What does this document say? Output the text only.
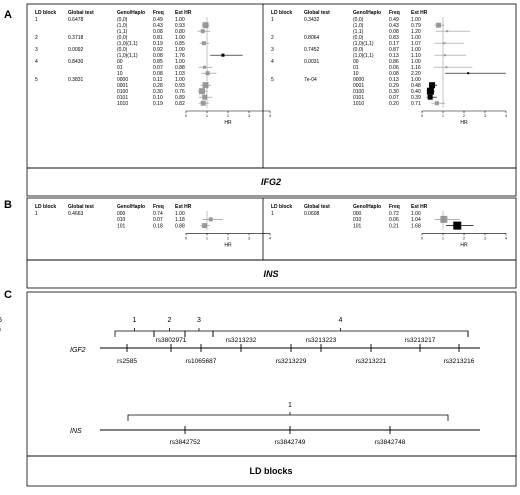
A
B
C
IFG2
INS
LD blocks
LD block Global test	Geno/Haplo Freq Est HR
1	0.6478	(0,0)	0.49 1.00
(1,0)	0.43 0.93
(1,1)	0.08 0.80
2	0.3718	(0,0)	0.81 1.00
(1,0)(1,1)	0.19 0.85
3	0.0092	(0,0)	0.92 1.00
(1,0)(1,1)	0.08 1.76
4	0.8430	00	0.85 1.00
01	0.07 0.88
10	0.08 1.03
5	0.3831	0000	0.11	1.00
0001	0.28 0.93
0100	0.30 0.76
0101	0.10 0.89
1010	0.19 0.82
0	1	2	3	4
HR
LD block Global test	Geno/Haplo Freq Est HR
1	0.3432	(0,0)	0.49 1.00
(1,0)	0.43 0.79
(1,1)	0.08 1.20
2	0.8064	(0,0)	0.83 1.00
(1,0)(1,1)	0.17 1.07
3	0.7452	(0,0)	0.87 1.00
(1,0)(1,1)	0.13 1.10
4	0.0031	00	0.86 1.00
01	0.06 1.16
10	0.08 2.20
5	7e-04	0000	0.13 1.00
0001	0.29 0.48
0100	0.30 0.40
0101	0.07 0.39
1010	0.20 0.71
0	1	2	3	4
HR
LD block Global test	Geno/Haplo Freq Est HR
1	0.4663	000	0.74 1.00
010	0.07 1.18
101	0.18 0.88
0	1	2	3	4
HR
LD block Global test	Geno/Haplo Freq Est HR
1	0.0608	000	0.72 1.00
010	0.06 1.04
101	0.21 1.68
0	1	2	3	4
HR
IGF2
rs2585
rs3802971
rs1065687
rs3213232
rs3213229
rs3213223
rs3213221
rs3213217
rs3213216
1	2	3	4
INS
rs3842752	rs3842749	rs3842748
1
